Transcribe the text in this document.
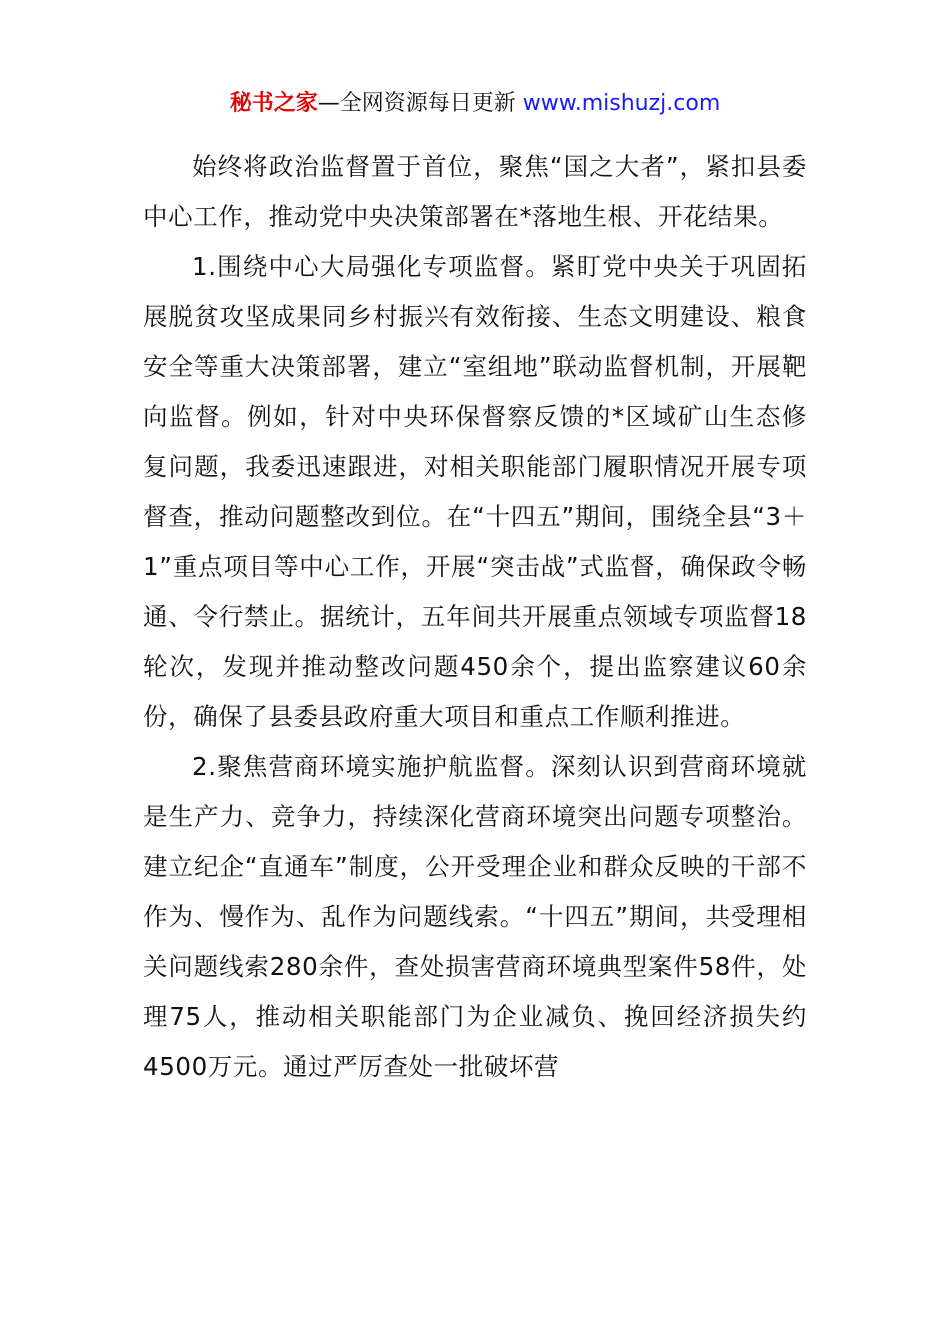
秘书之家—全网资源每日更新 www.mishuzj.com

始终将政治监督置于首位，聚焦“国之大者”，紧扣县委中心工作，推动党中央决策部署在*落地生根、开花结果。

1.围绕中心大局强化专项监督。紧盯党中央关于巩固拓展脱贫攻坚成果同乡村振兴有效衔接、生态文明建设、粮食安全等重大决策部署，建立“室组地”联动监督机制，开展靶向监督。例如，针对中央环保督察反馈的*区域矿山生态修复问题，我委迅速跟进，对相关职能部门履职情况开展专项督查，推动问题整改到位。在“十四五”期间，围绕全县“3＋1”重点项目等中心工作，开展“突击战”式监督，确保政令畅通、令行禁止。据统计，五年间共开展重点领域专项监督18轮次，发现并推动整改问题450余个，提出监察建议60余份，确保了县委县政府重大项目和重点工作顺利推进。

2.聚焦营商环境实施护航监督。深刻认识到营商环境就是生产力、竞争力，持续深化营商环境突出问题专项整治。建立纪企“直通车”制度，公开受理企业和群众反映的干部不作为、慢作为、乱作为问题线索。“十四五”期间，共受理相关问题线索280余件，查处损害营商环境典型案件58件，处理75人，推动相关职能部门为企业减负、挽回经济损失约4500万元。通过严厉查处一批破坏营
